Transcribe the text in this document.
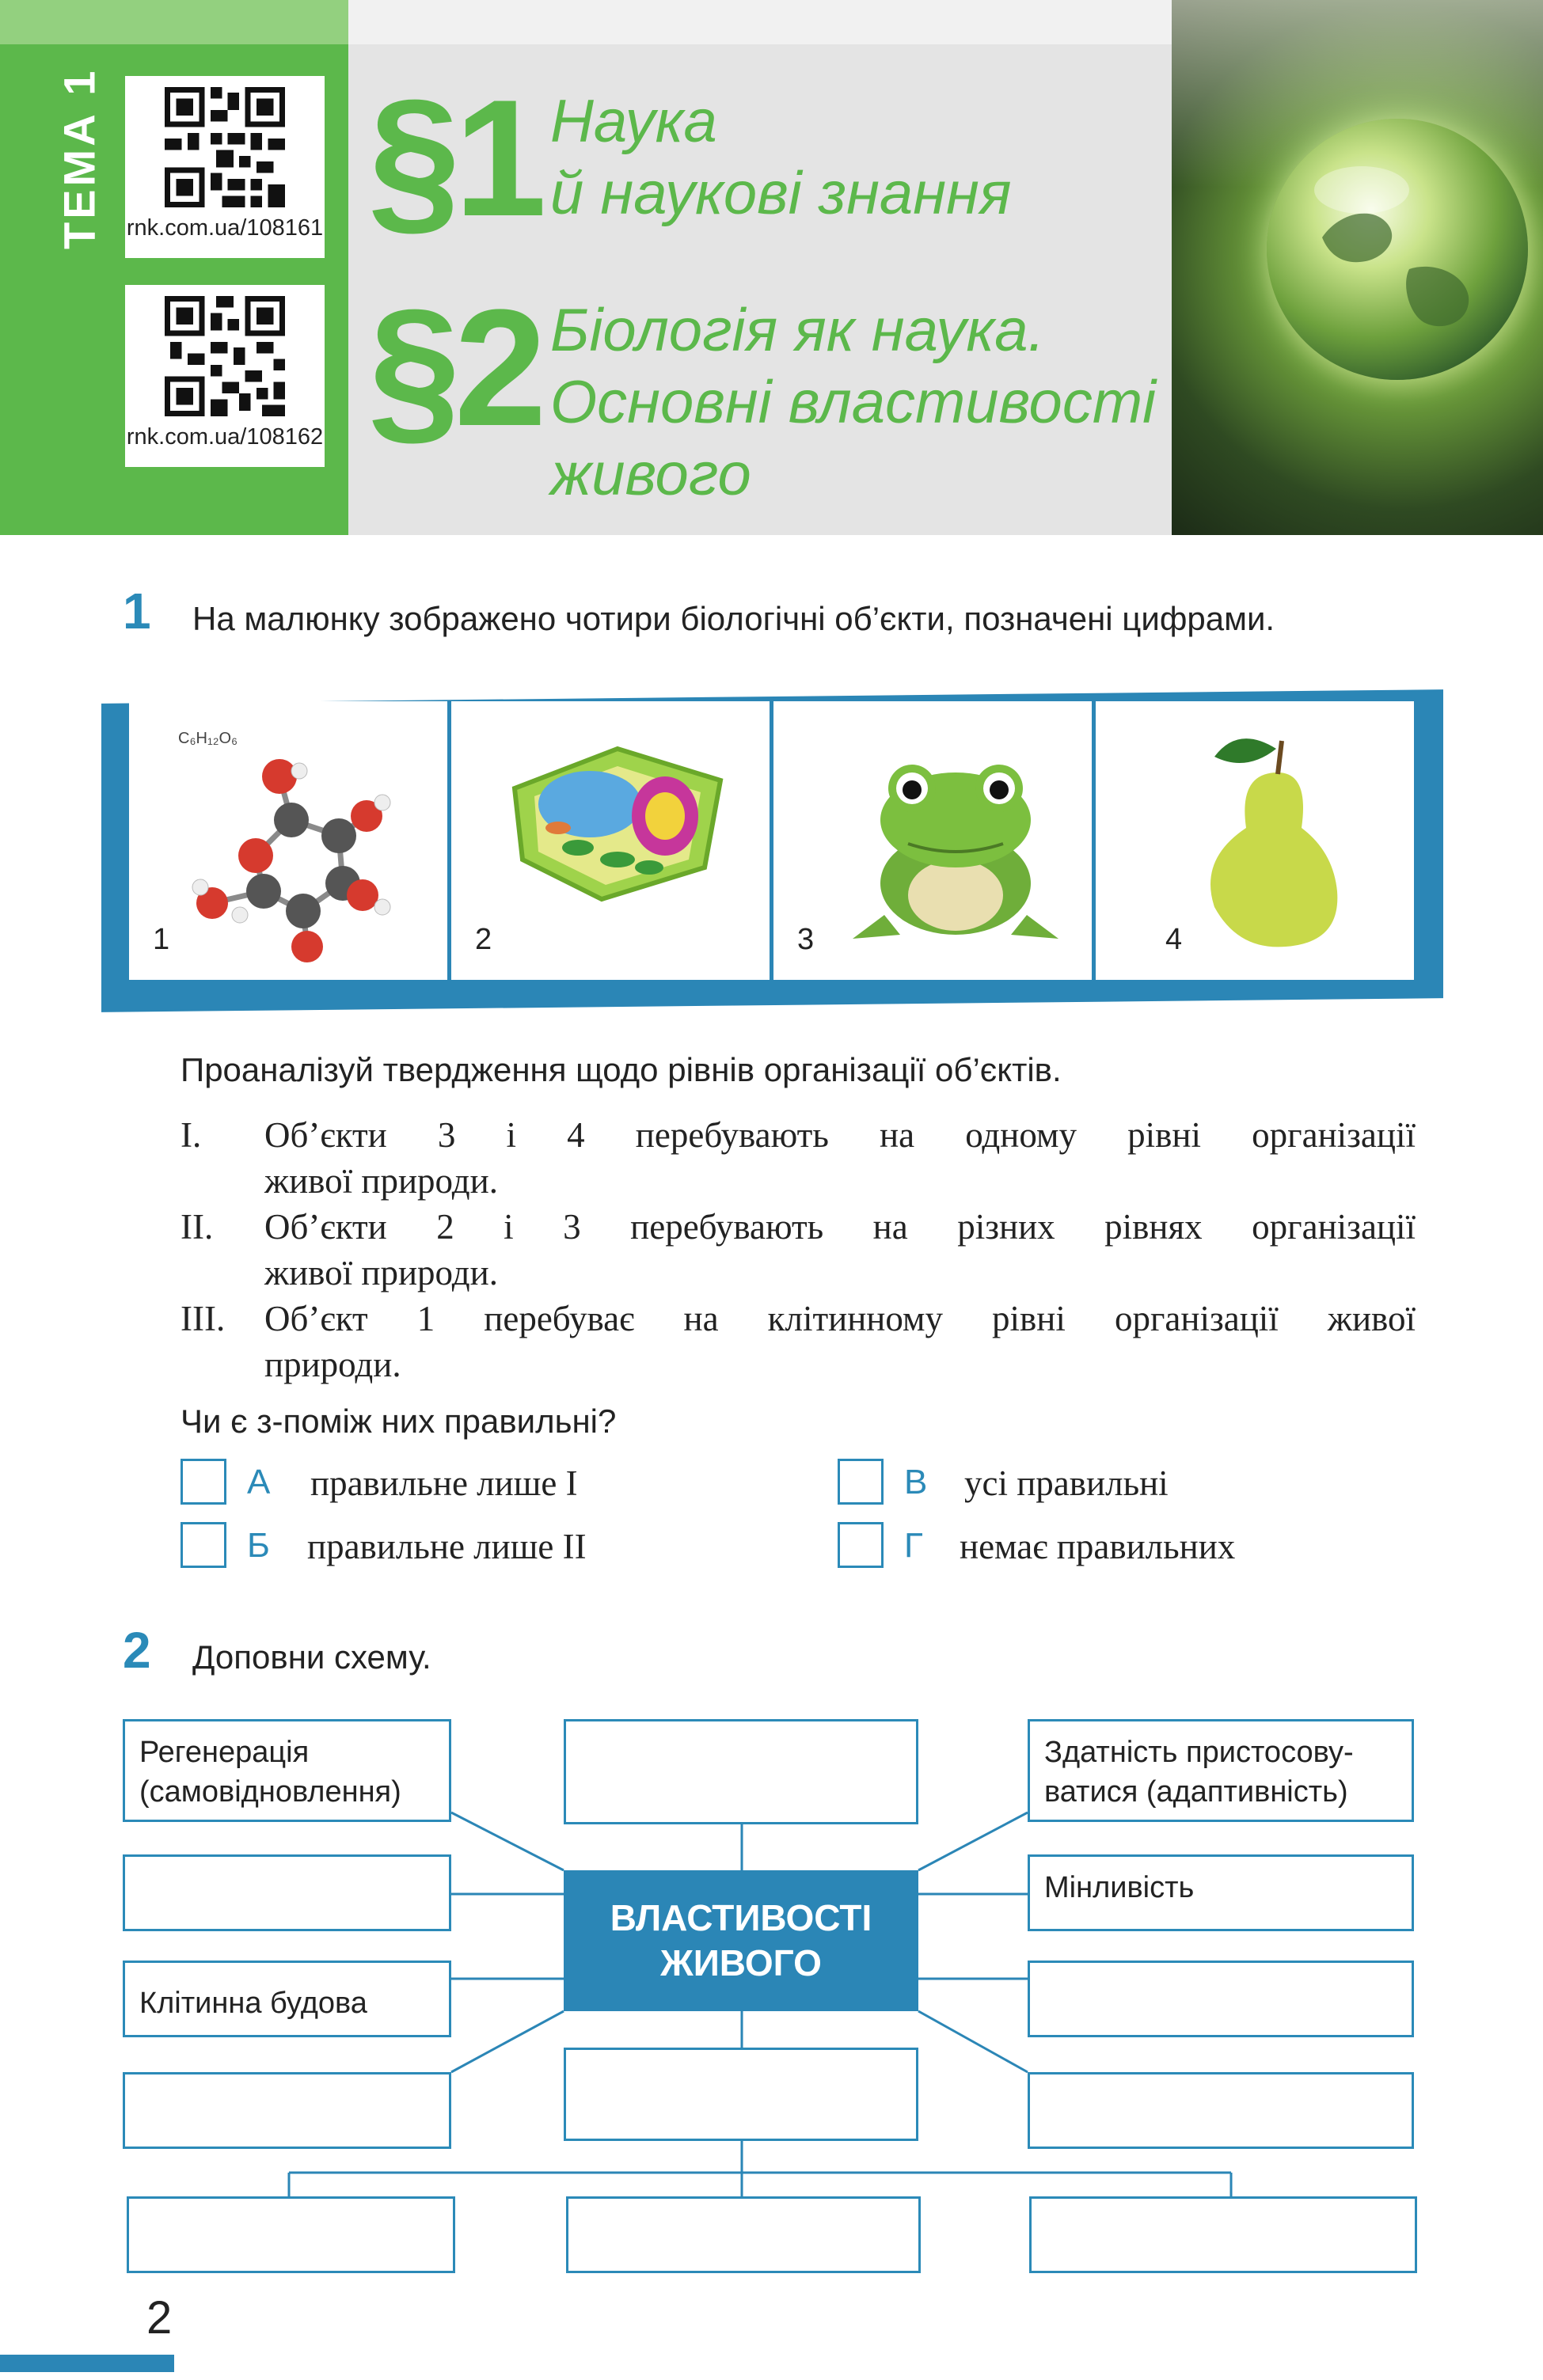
ТЕМА 1 rnk.com.ua/108161
rnk.com.ua/108162
§1 Наука
й наукові знання
§2 Біологія як наука.
Основні властивості
живого
1 На малюнку зображено чотири біологічні об’єкти, позначені цифрами.
C₆H₁₂O₆
1	2	3	4
Проаналізуй твердження щодо рівнів організації об’єктів.
I. Об’єкти 3 і 4 перебувають на одному рівні організації
живої природи.
II. Об’єкти 2 і 3 перебувають на різних рівнях організації
живої природи.
III. Об’єкт 1 перебуває на клітинному рівні організації живої
природи.
Чи є з-поміж них правильні?
А правильне лише I
Б правильне лише II
В усі правильні
Г немає правильних
2 Доповни схему.
Регенерація (самовідновлення)
Клітинна будова
ВЛАСТИВОСТІ
ЖИВОГО
Здатність пристосову-ватися (адаптивність)
Мінливість
2
